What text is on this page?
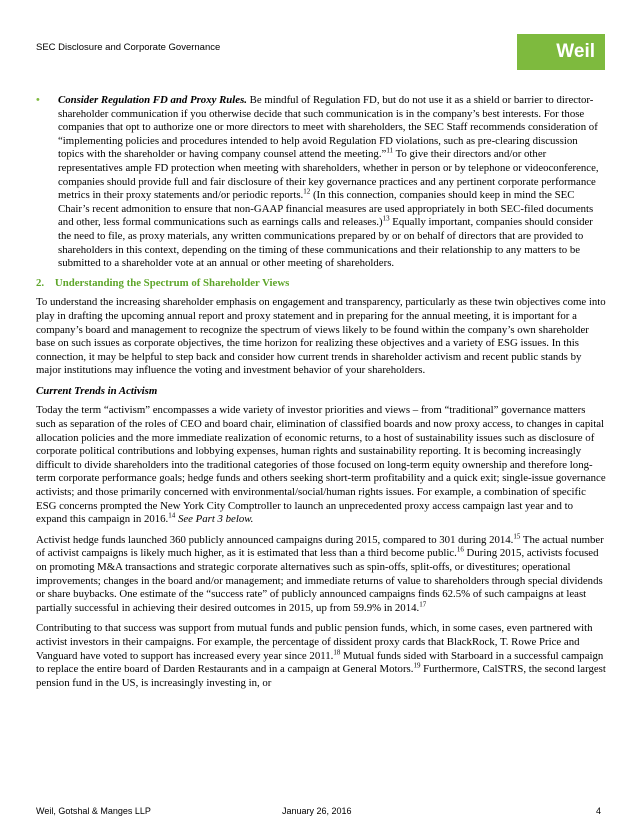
SEC Disclosure and Corporate Governance	Weil
• Consider Regulation FD and Proxy Rules. Be mindful of Regulation FD, but do not use it as a shield or barrier to director-shareholder communication if you otherwise decide that such communication is in the company’s best interests. For those companies that opt to authorize one or more directors to meet with shareholders, the SEC Staff recommends consideration of “implementing policies and procedures intended to help avoid Regulation FD violations, such as pre-clearing discussion topics with the shareholder or having company counsel attend the meeting.”$^{11}$ To give their directors and/or other representatives ample FD protection when meeting with shareholders, whether in person or by telephone or videoconference, companies should provide full and fair disclosure of their key governance practices and any pertinent corporate performance metrics in their proxy statements and/or periodic reports.$^{12}$ (In this connection, companies should keep in mind the SEC Chair’s recent admonition to ensure that non-GAAP financial measures are used appropriately in both SEC-filed documents and other, less formal communications such as earnings calls and releases.)$^{13}$ Equally important, companies should consider the need to file, as proxy materials, any written communications prepared by or on behalf of directors that are provided to shareholders in this context, depending on the timing of these communications and their relationship to any matters to be submitted to a shareholder vote at an annual or other meeting of shareholders.
2. Understanding the Spectrum of Shareholder Views

To understand the increasing shareholder emphasis on engagement and transparency, particularly as these twin objectives come into play in drafting the upcoming annual report and proxy statement and in preparing for the annual meeting, it is important for a company’s board and management to recognize the spectrum of views likely to be found within the company’s own shareholder base on such issues as corporate objectives, the time horizon for realizing these objectives and a variety of ESG issues. In this connection, it may be helpful to step back and consider how current trends in shareholder activism and recent public stands by major institutions may influence the voting and investment behavior of your shareholders.

Current Trends in Activism

Today the term “activism” encompasses a wide variety of investor priorities and views – from “traditional” governance matters such as separation of the roles of CEO and board chair, elimination of classified boards and now proxy access, to changes in capital allocation policies and the more immediate realization of economic returns, to a host of sustainability issues such as disclosure of corporate political contributions and lobbying expenses, human rights and sustainability reporting. It is becoming increasingly difficult to divide shareholders into the traditional categories of those focused on long-term equity ownership and therefore long-term corporate performance goals; hedge funds and others seeking short-term profitability and a quick exit; single-issue governance activists; and those primarily concerned with environmental/social/human rights issues. For example, a combination of specific ESG concerns prompted the New York City Comptroller to launch an unprecedented proxy access campaign last year and to expand this campaign in 2016.14 See Part 3 below.

Activist hedge funds launched 360 publicly announced campaigns during 2015, compared to 301 during 2014.15 The actual number of activist campaigns is likely much higher, as it is estimated that less than a third become public.$^{16}$ During 2015, activists focused on promoting M&A transactions and strategic corporate alternatives such as spin-offs, split-offs, or divestitures; operational improvements; changes in the board and/or management; and immediate returns of value to shareholders through special dividends or share buybacks. One estimate of the “success rate” of publicly announced campaigns finds 62.5% of such campaigns at least partially successful in achieving their desired outcomes in 2015, up from 59.9% in 2014.17

Contributing to that success was support from mutual funds and public pension funds, which, in some cases, even partnered with activist investors in their campaigns. For example, the percentage of dissident proxy cards that BlackRock, T. Rowe Price and Vanguard have voted to support has increased every year since 2011.18 Mutual funds sided with Starboard in a successful campaign to replace the entire board of Darden Restaurants and in a campaign at General Motors.$^{19}$ Furthermore, CalSTRS, the second largest pension fund in the US, is increasingly investing in, or

Weil, Gotshal & Manges LLP	January 26, 2016	4
